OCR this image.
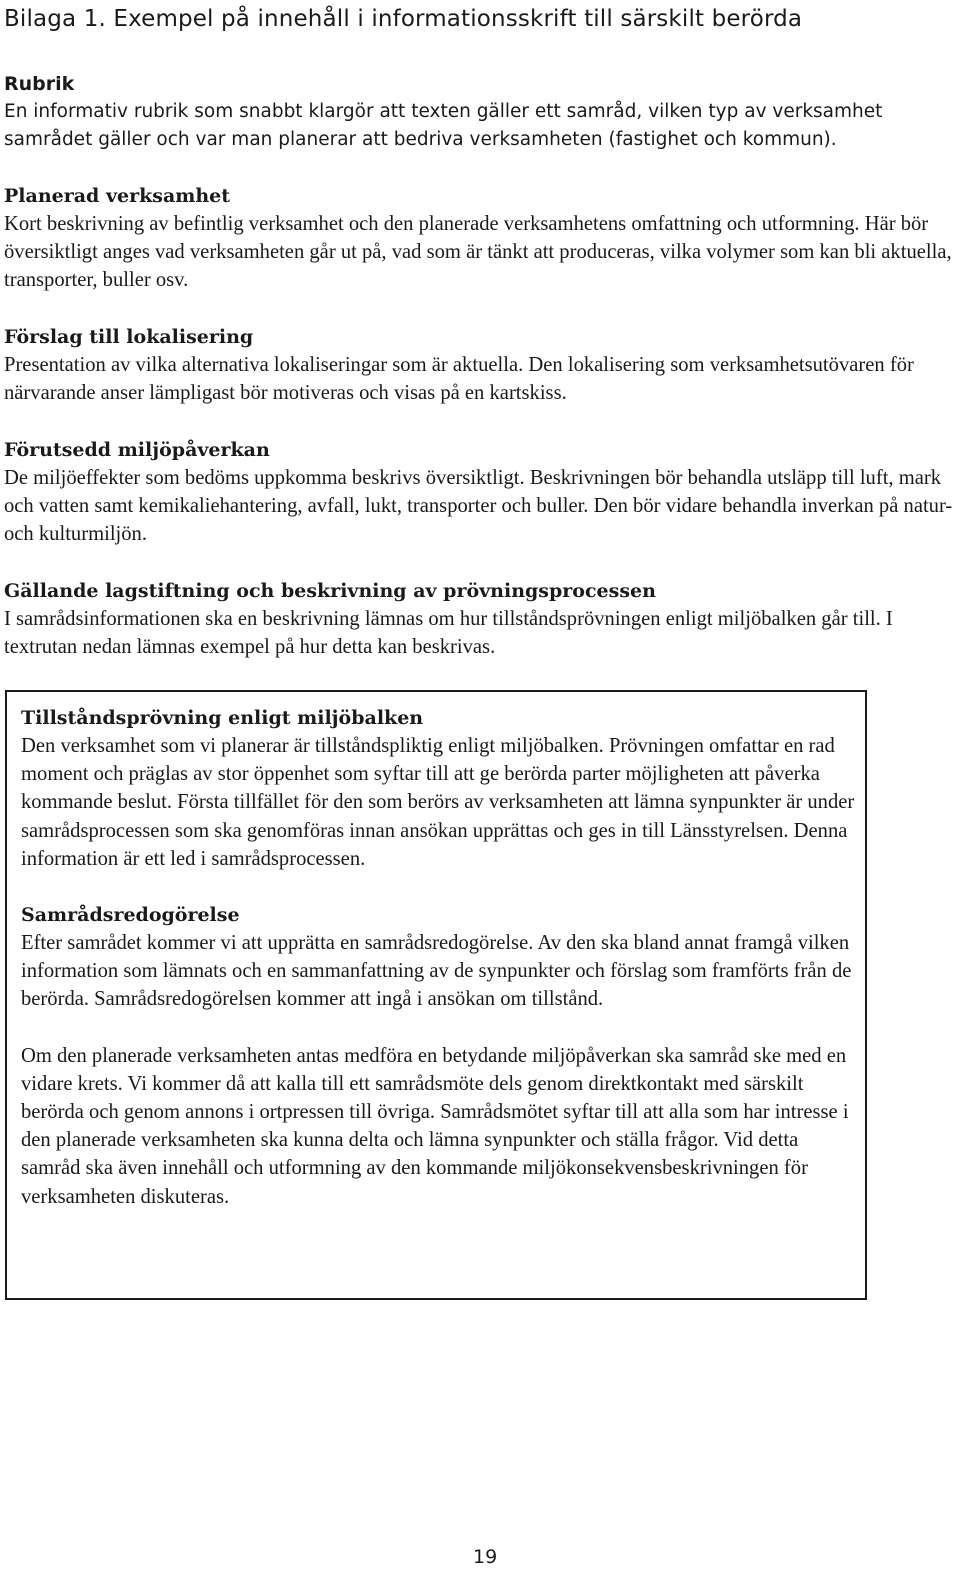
Bilaga 1. Exempel på innehåll i informationsskrift till särskilt berörda
Rubrik

En informativ rubrik som snabbt klargör att texten gäller ett samråd, vilken typ av verksamhet samrådet gäller och var man planerar att bedriva verksamheten (fastighet och kommun).

Planerad verksamhet

Kort beskrivning av befintlig verksamhet och den planerade verksamhetens omfattning och utformning. Här bör översiktligt anges vad verksamheten går ut på, vad som är tänkt att produceras, vilka volymer som kan bli aktuella, transporter, buller osv.

Förslag till lokalisering

Presentation av vilka alternativa lokaliseringar som är aktuella. Den lokalisering som verksamhetsutövaren för närvarande anser lämpligast bör motiveras och visas på en kartskiss.

Förutsedd miljöpåverkan

De miljöeffekter som bedöms uppkomma beskrivs översiktligt. Beskrivningen bör behandla utsläpp till luft, mark och vatten samt kemikaliehantering, avfall, lukt, transporter och buller. Den bör vidare behandla inverkan på natur- och kulturmiljön.

Gällande lagstiftning och beskrivning av prövningsprocessen

I samrådsinformationen ska en beskrivning lämnas om hur tillståndsprövningen enligt miljöbalken går till. I textrutan nedan lämnas exempel på hur detta kan beskrivas.

Tillståndsprövning enligt miljöbalken

Den verksamhet som vi planerar är tillståndspliktig enligt miljöbalken. Prövningen omfattar en rad moment och präglas av stor öppenhet som syftar till att ge berörda parter möjligheten att påverka kommande beslut. Första tillfället för den som berörs av verksamheten att lämna synpunkter är under samrådsprocessen som ska genomföras innan ansökan upprättas och ges in till Länsstyrelsen. Denna information är ett led i samrådsprocessen.

Samrådsredogörelse

Efter samrådet kommer vi att upprätta en samrådsredogörelse. Av den ska bland annat framgå vilken information som lämnats och en sammanfattning av de synpunkter och förslag som framförts från de berörda. Samrådsredogörelsen kommer att ingå i ansökan om tillstånd.

Om den planerade verksamheten antas medföra en betydande miljöpåverkan ska samråd ske med en vidare krets. Vi kommer då att kalla till ett samrådsmöte dels genom direktkontakt med särskilt berörda och genom annons i ortpressen till övriga. Samrådsmötet syftar till att alla som har intresse i den planerade verksamheten ska kunna delta och lämna synpunkter och ställa frågor. Vid detta samråd ska även innehåll och utformning av den kommande miljökonsekvensbeskrivningen för verksamheten diskuteras.

19
